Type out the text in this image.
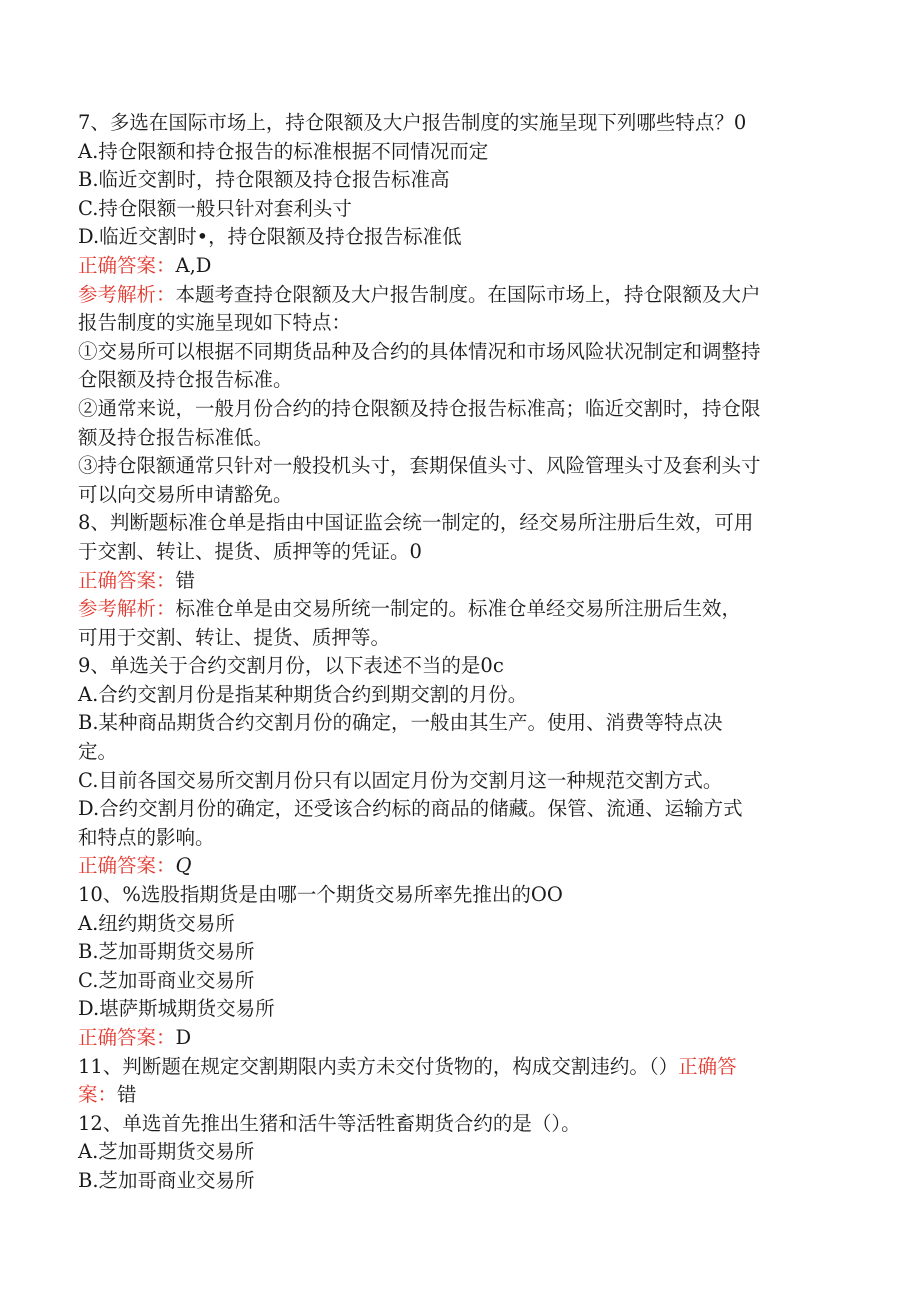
7、多选在国际市场上，持仓限额及大户报告制度的实施呈现下列哪些特点？0
A.持仓限额和持仓报告的标准根据不同情况而定
B.临近交割时，持仓限额及持仓报告标准高
C.持仓限额一般只针对套利头寸
D.临近交割时•，持仓限额及持仓报告标准低
正确答案：A,D
参考解析：本题考查持仓限额及大户报告制度。在国际市场上，持仓限额及大户
报告制度的实施呈现如下特点：
①交易所可以根据不同期货品种及合约的具体情况和市场风险状况制定和调整持
仓限额及持仓报告标准。
②通常来说，一般月份合约的持仓限额及持仓报告标准高；临近交割时，持仓限
额及持仓报告标准低。
③持仓限额通常只针对一般投机头寸，套期保值头寸、风险管理头寸及套利头寸
可以向交易所申请豁免。
8、判断题标准仓单是指由中国证监会统一制定的，经交易所注册后生效，可用
于交割、转让、提货、质押等的凭证。0
正确答案：错
参考解析：标准仓单是由交易所统一制定的。标准仓单经交易所注册后生效，
可用于交割、转让、提货、质押等。
9、单选关于合约交割月份，以下表述不当的是0c
A.合约交割月份是指某种期货合约到期交割的月份。
B.某种商品期货合约交割月份的确定，一般由其生产。使用、消费等特点决
定。
C.目前各国交易所交割月份只有以固定月份为交割月这一种规范交割方式。
D.合约交割月份的确定，还受该合约标的商品的储藏。保管、流通、运输方式
和特点的影响。
正确答案：Q
10、%选股指期货是由哪一个期货交易所率先推出的OO
A.纽约期货交易所
B.芝加哥期货交易所
C.芝加哥商业交易所
D.堪萨斯城期货交易所
正确答案：D
11、判断题在规定交割期限内卖方未交付货物的，构成交割违约。（）正确答
案：错
12、单选首先推出生猪和活牛等活牲畜期货合约的是（）。
A.芝加哥期货交易所
B.芝加哥商业交易所
